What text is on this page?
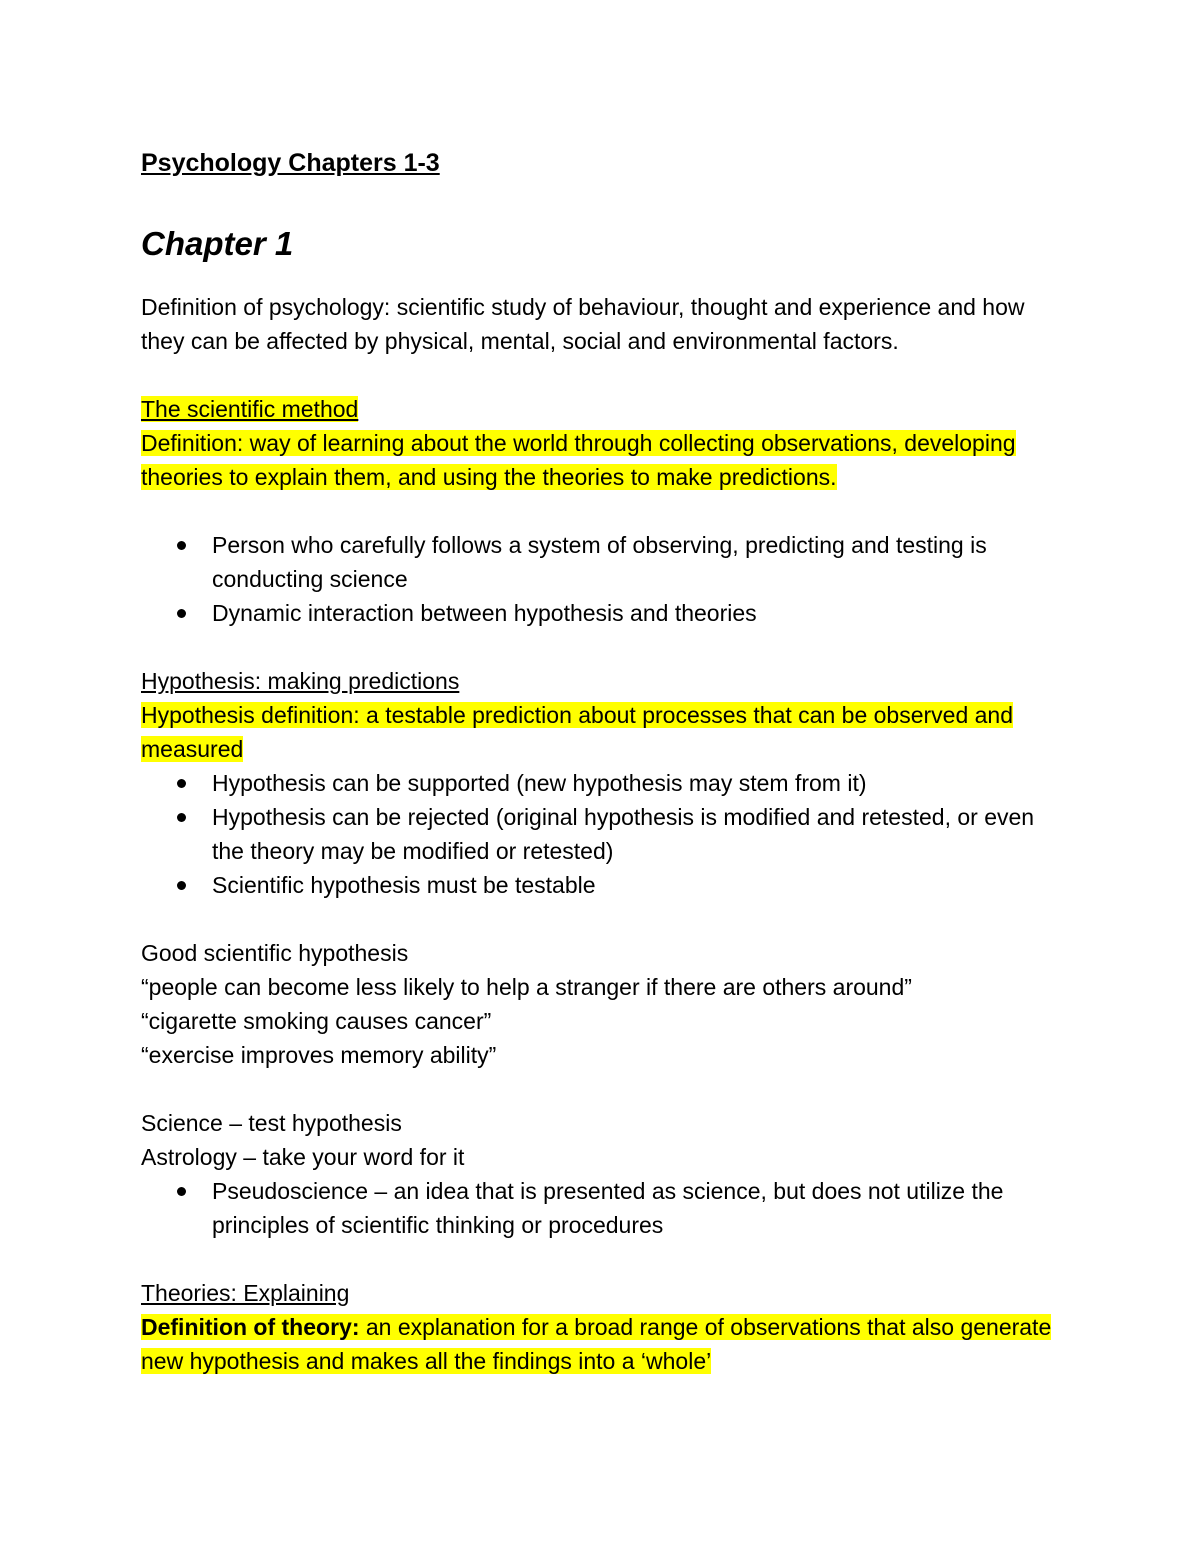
Psychology Chapters 1-3
Chapter 1

Definition of psychology: scientific study of behaviour, thought and experience and how they can be affected by physical, mental, social and environmental factors.

The scientific method

Definition: way of learning about the world through collecting observations, developing theories to explain them, and using the theories to make predictions.

Person who carefully follows a system of observing, predicting and testing is conducting science
Dynamic interaction between hypothesis and theories

Hypothesis: making predictions

Hypothesis definition: a testable prediction about processes that can be observed and measured

Hypothesis can be supported (new hypothesis may stem from it)
Hypothesis can be rejected (original hypothesis is modified and retested, or even the theory may be modified or retested)
Scientific hypothesis must be testable

Good scientific hypothesis

“people can become less likely to help a stranger if there are others around”

“cigarette smoking causes cancer”

“exercise improves memory ability”

Science – test hypothesis

Astrology – take your word for it

Pseudoscience – an idea that is presented as science, but does not utilize the principles of scientific thinking or procedures

Theories: Explaining

Definition of theory: an explanation for a broad range of observations that also generate new hypothesis and makes all the findings into a ‘whole’
